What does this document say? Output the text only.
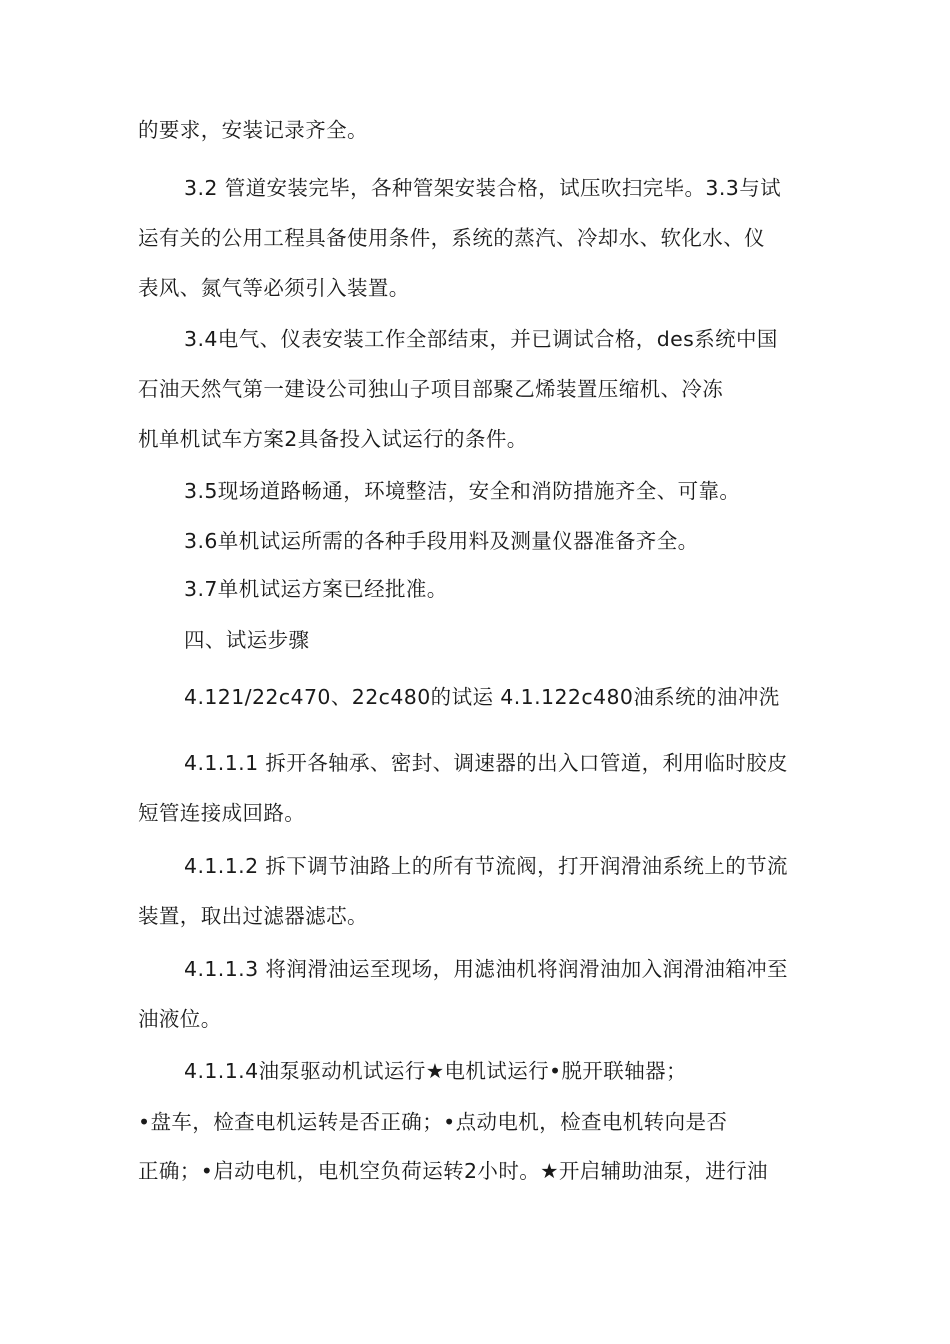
的要求，安装记录齐全。
3.2 管道安装完毕，各种管架安装合格，试压吹扫完毕。3.3与试
运有关的公用工程具备使用条件，系统的蒸汽、冷却水、软化水、仪
表风、氮气等必须引入装置。
3.4电气、仪表安装工作全部结束，并已调试合格，des系统中国
石油天然气第一建设公司独山子项目部聚乙烯装置压缩机、冷冻
机单机试车方案2具备投入试运行的条件。
3.5现场道路畅通，环境整洁，安全和消防措施齐全、可靠。
3.6单机试运所需的各种手段用料及测量仪器准备齐全。
3.7单机试运方案已经批准。
四、试运步骤
4.121/22c470、22c480的试运 4.1.122c480油系统的油冲洗
4.1.1.1 拆开各轴承、密封、调速器的出入口管道，利用临时胶皮
短管连接成回路。
4.1.1.2 拆下调节油路上的所有节流阀，打开润滑油系统上的节流
装置，取出过滤器滤芯。
4.1.1.3 将润滑油运至现场，用滤油机将润滑油加入润滑油箱冲至
油液位。
4.1.1.4油泵驱动机试运行★电机试运行•脱开联轴器；
•盘车，检查电机运转是否正确；•点动电机，检查电机转向是否
正确；•启动电机，电机空负荷运转2小时。★开启辅助油泵，进行油
